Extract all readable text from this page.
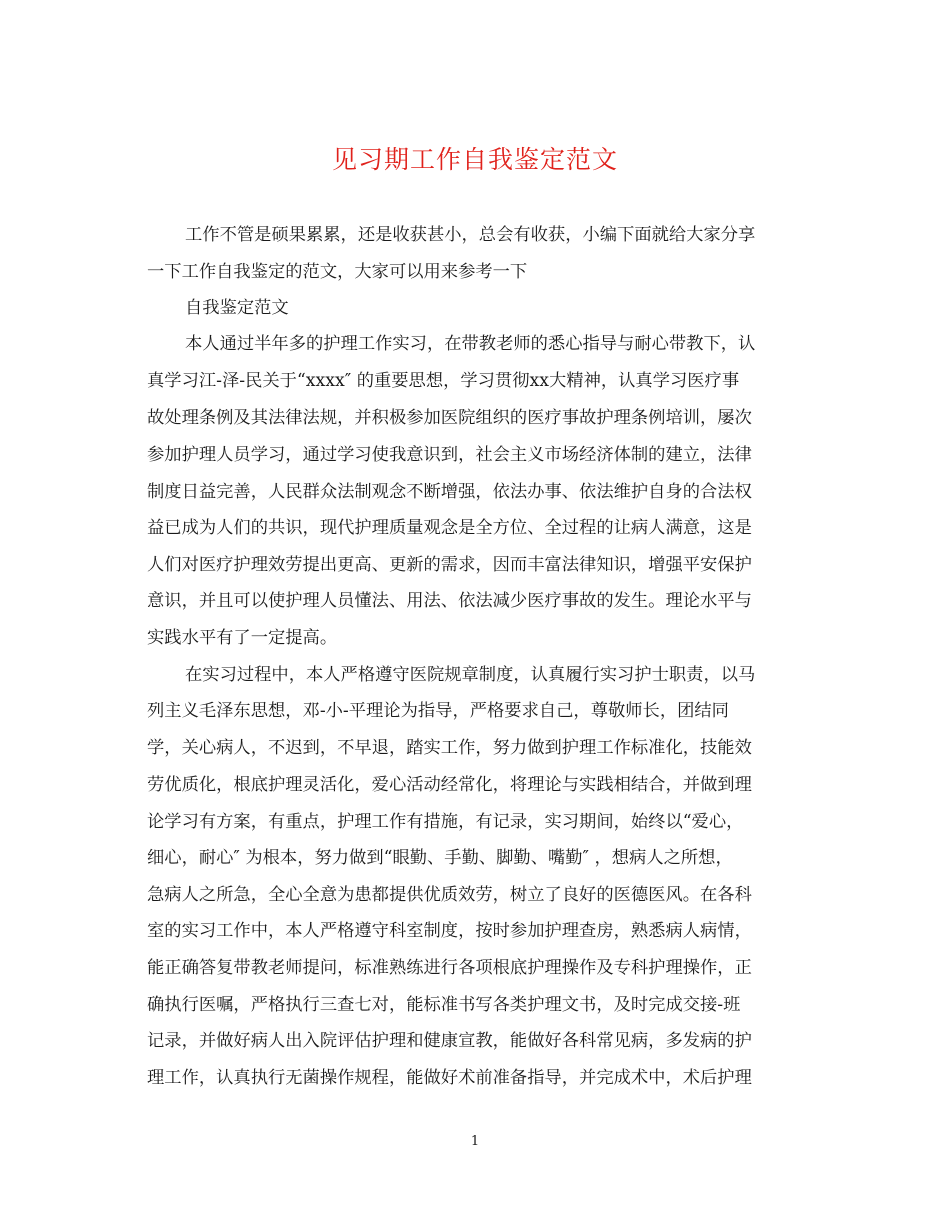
见习期工作自我鉴定范文
工作不管是硕果累累，还是收获甚小，总会有收获，小编下面就给大家分享
一下工作自我鉴定的范文，大家可以用来参考一下
自我鉴定范文
本人通过半年多的护理工作实习，在带教老师的悉心指导与耐心带教下，认
真学习江-泽-民关于“xxxx″ 的重要思想，学习贯彻xx大精神，认真学习医疗事
故处理条例及其法律法规，并积极参加医院组织的医疗事故护理条例培训，屡次
参加护理人员学习，通过学习使我意识到，社会主义市场经济体制的建立，法律
制度日益完善，人民群众法制观念不断增强，依法办事、依法维护自身的合法权
益已成为人们的共识，现代护理质量观念是全方位、全过程的让病人满意，这是
人们对医疗护理效劳提出更高、更新的需求，因而丰富法律知识，增强平安保护
意识，并且可以使护理人员懂法、用法、依法减少医疗事故的发生。理论水平与
实践水平有了一定提高。
在实习过程中，本人严格遵守医院规章制度，认真履行实习护士职责，以马
列主义毛泽东思想，邓-小-平理论为指导，严格要求自己，尊敬师长，团结同
学，关心病人，不迟到，不早退，踏实工作，努力做到护理工作标准化，技能效
劳优质化，根底护理灵活化，爱心活动经常化，将理论与实践相结合，并做到理
论学习有方案，有重点，护理工作有措施，有记录，实习期间，始终以“爱心，
细心，耐心″ 为根本，努力做到“眼勤、手勤、脚勤、嘴勤″ ，想病人之所想，
急病人之所急，全心全意为患都提供优质效劳，树立了良好的医德医风。在各科
室的实习工作中，本人严格遵守科室制度，按时参加护理查房，熟悉病人病情，
能正确答复带教老师提问，标准熟练进行各项根底护理操作及专科护理操作，正
确执行医嘱，严格执行三查七对，能标准书写各类护理文书，及时完成交接-班
记录，并做好病人出入院评估护理和健康宣教，能做好各科常见病，多发病的护
理工作，认真执行无菌操作规程，能做好术前准备指导，并完成术中，术后护理
1
